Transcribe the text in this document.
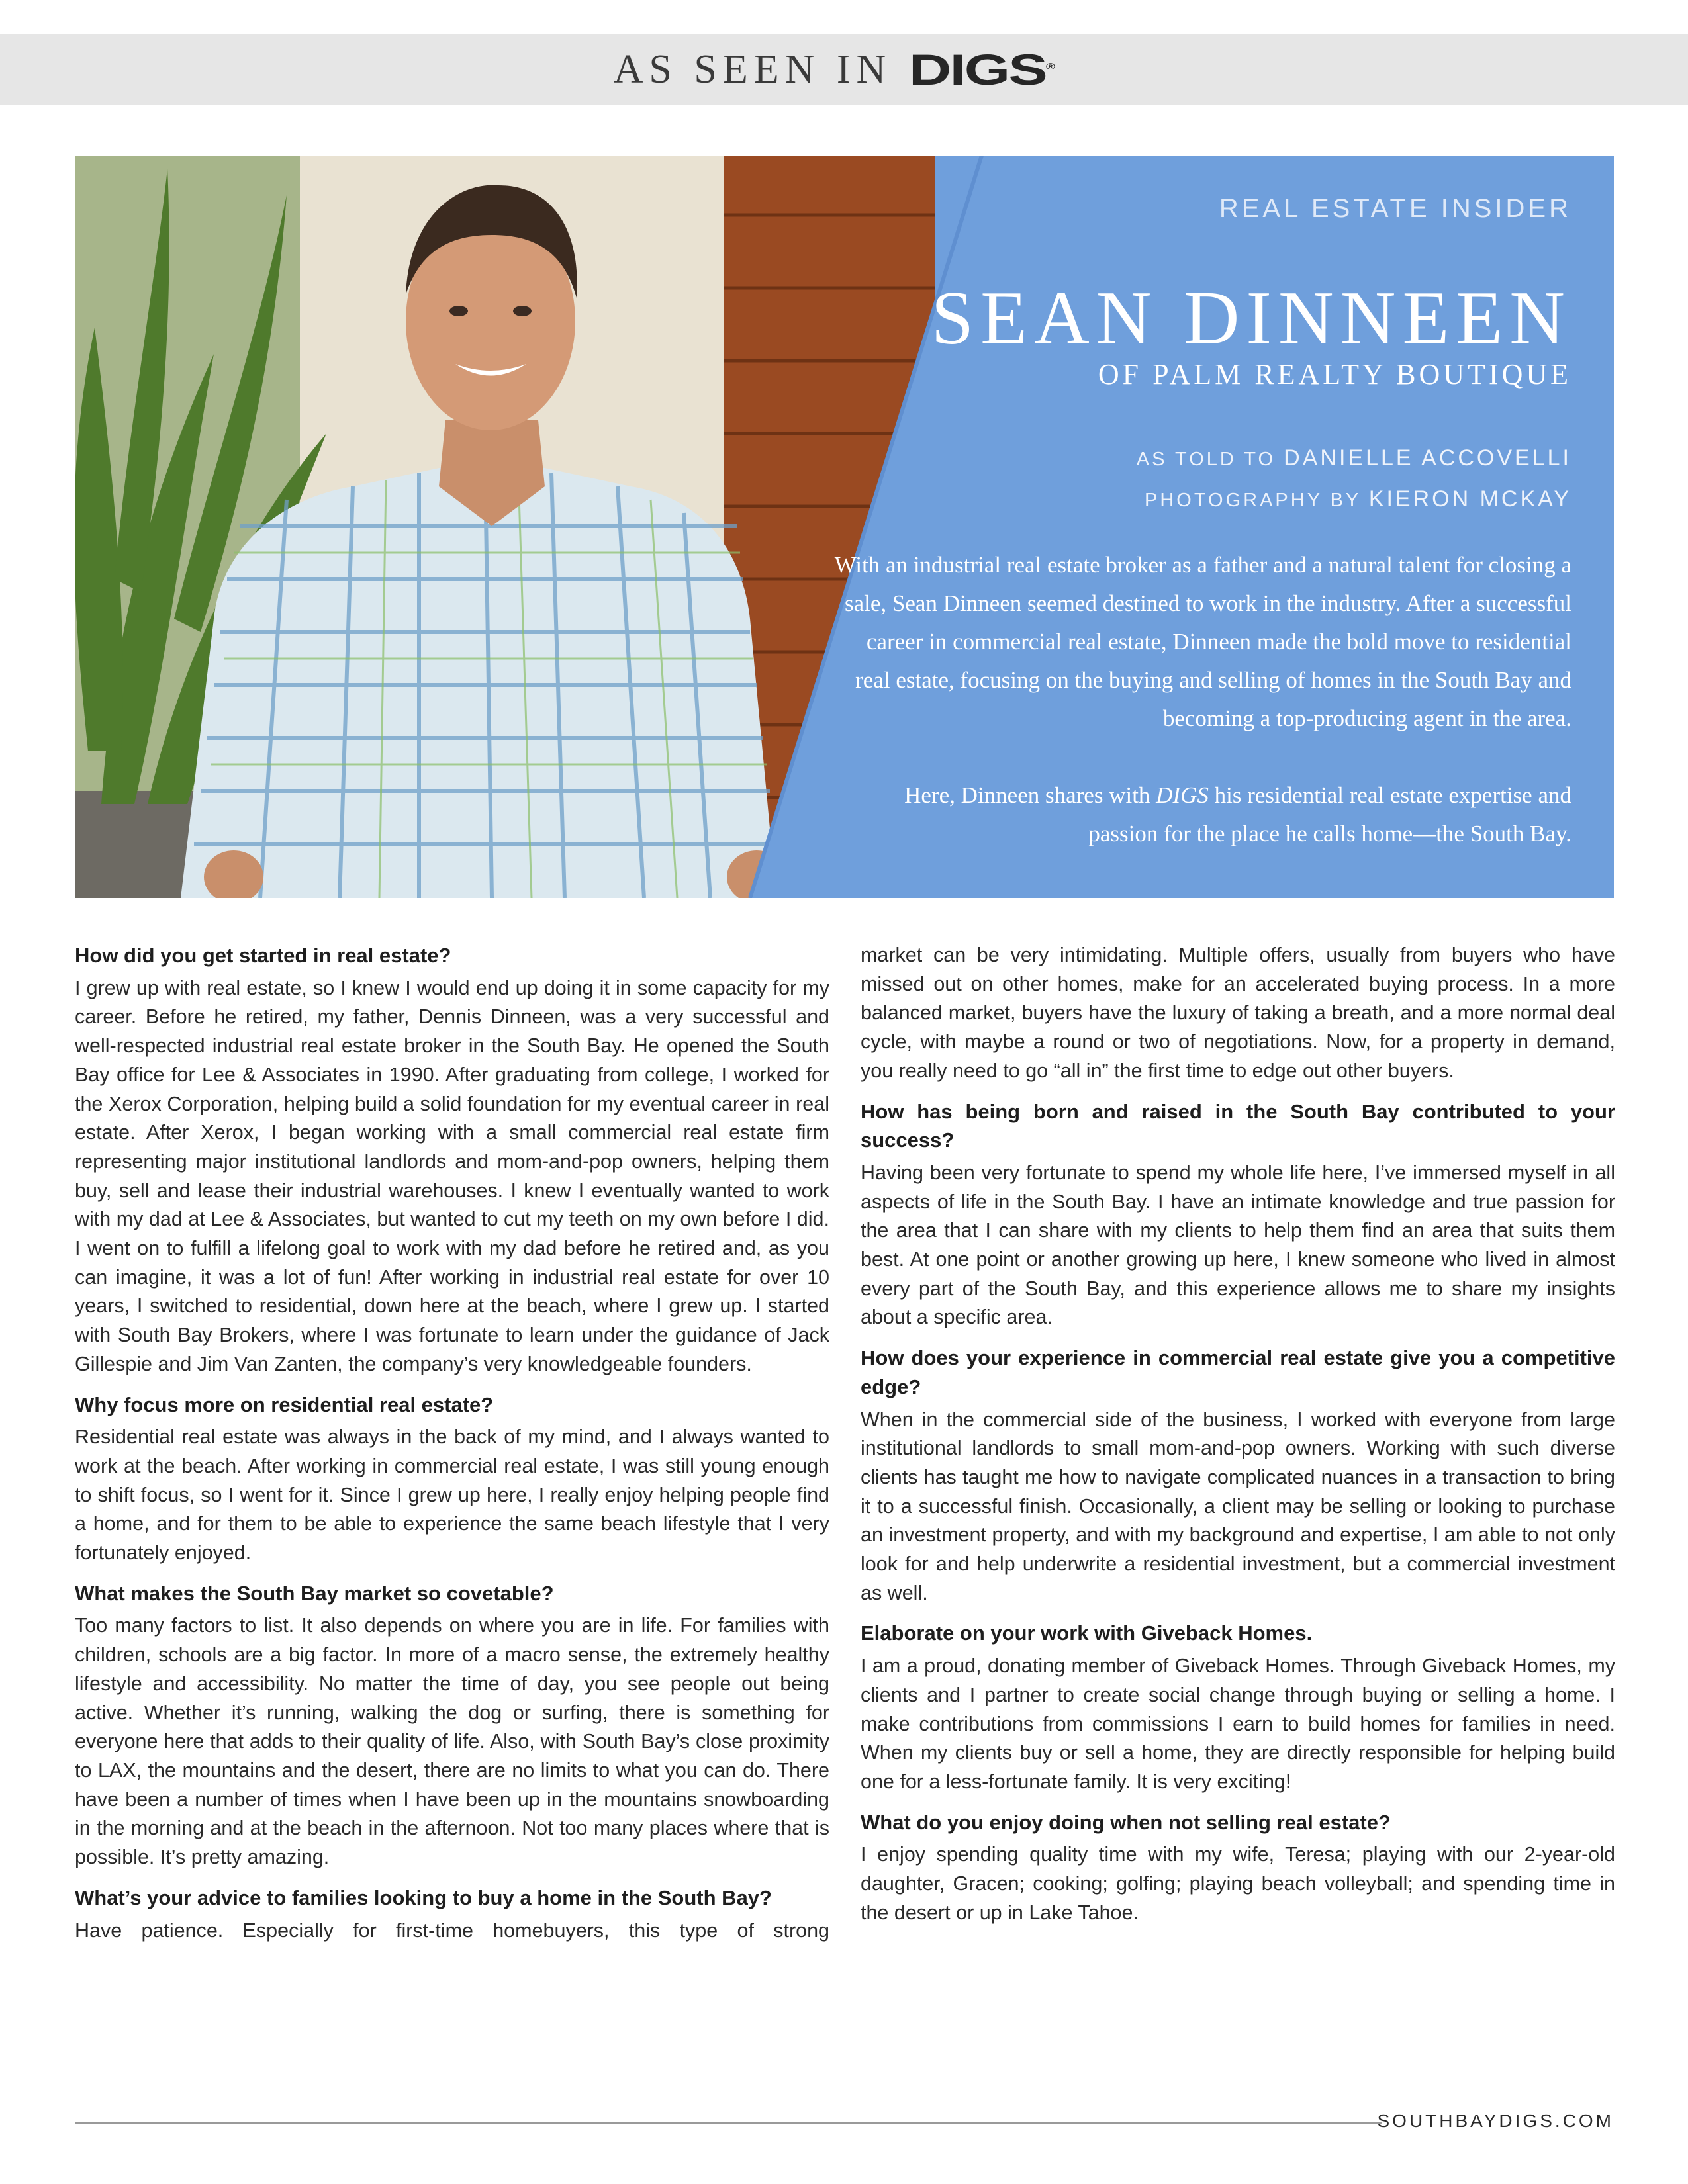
AS SEEN IN DIGS®
REAL ESTATE INSIDER
SEAN DINNEEN
OF PALM REALTY BOUTIQUE
AS TOLD TO DANIELLE ACCOVELLI
PHOTOGRAPHY BY KIERON MCKAY

With an industrial real estate broker as a father and a natural talent for closing a sale, Sean Dinneen seemed destined to work in the industry. After a successful career in commercial real estate, Dinneen made the bold move to residential real estate, focusing on the buying and selling of homes in the South Bay and becoming a top-producing agent in the area.

Here, Dinneen shares with DIGS his residential real estate expertise and passion for the place he calls home—the South Bay.

How did you get started in real estate?

I grew up with real estate, so I knew I would end up doing it in some capacity for my career. Before he retired, my father, Dennis Dinneen, was a very successful and well-respected industrial real estate broker in the South Bay. He opened the South Bay office for Lee & Associates in 1990. After graduating from college, I worked for the Xerox Corporation, helping build a solid foundation for my eventual career in real estate. After Xerox, I began working with a small commercial real estate firm representing major institutional landlords and mom-and-pop owners, helping them buy, sell and lease their industrial warehouses. I knew I eventually wanted to work with my dad at Lee & Associates, but wanted to cut my teeth on my own before I did. I went on to fulfill a lifelong goal to work with my dad before he retired and, as you can imagine, it was a lot of fun! After working in industrial real estate for over 10 years, I switched to residential, down here at the beach, where I grew up. I started with South Bay Brokers, where I was fortunate to learn under the guidance of Jack Gillespie and Jim Van Zanten, the company’s very knowledgeable founders.

Why focus more on residential real estate?

Residential real estate was always in the back of my mind, and I always wanted to work at the beach. After working in commercial real estate, I was still young enough to shift focus, so I went for it. Since I grew up here, I really enjoy helping people find a home, and for them to be able to experience the same beach lifestyle that I very fortunately enjoyed.

What makes the South Bay market so covetable?

Too many factors to list. It also depends on where you are in life. For families with children, schools are a big factor. In more of a macro sense, the extremely healthy lifestyle and accessibility. No matter the time of day, you see people out being active. Whether it’s running, walking the dog or surfing, there is something for everyone here that adds to their quality of life. Also, with South Bay’s close proximity to LAX, the mountains and the desert, there are no limits to what you can do. There have been a number of times when I have been up in the mountains snowboarding in the morning and at the beach in the afternoon. Not too many places where that is possible. It’s pretty amazing.

What’s your advice to families looking to buy a home in the South Bay?

Have patience. Especially for first-time homebuyers, this type of strong

market can be very intimidating. Multiple offers, usually from buyers who have missed out on other homes, make for an accelerated buying process. In a more balanced market, buyers have the luxury of taking a breath, and a more normal deal cycle, with maybe a round or two of negotiations. Now, for a property in demand, you really need to go “all in” the first time to edge out other buyers.

How has being born and raised in the South Bay contributed to your success?

Having been very fortunate to spend my whole life here, I’ve immersed myself in all aspects of life in the South Bay. I have an intimate knowledge and true passion for the area that I can share with my clients to help them find an area that suits them best. At one point or another growing up here, I knew someone who lived in almost every part of the South Bay, and this experience allows me to share my insights about a specific area.

How does your experience in commercial real estate give you a competitive edge?

When in the commercial side of the business, I worked with everyone from large institutional landlords to small mom-and-pop owners. Working with such diverse clients has taught me how to navigate complicated nuances in a transaction to bring it to a successful finish. Occasionally, a client may be selling or looking to purchase an investment property, and with my background and expertise, I am able to not only look for and help underwrite a residential investment, but a commercial investment as well.

Elaborate on your work with Giveback Homes.

I am a proud, donating member of Giveback Homes. Through Giveback Homes, my clients and I partner to create social change through buying or selling a home. I make contributions from commissions I earn to build homes for families in need. When my clients buy or sell a home, they are directly responsible for helping build one for a less-fortunate family. It is very exciting!

What do you enjoy doing when not selling real estate?

I enjoy spending quality time with my wife, Teresa; playing with our 2-year-old daughter, Gracen; cooking; golfing; playing beach volleyball; and spending time in the desert or up in Lake Tahoe.

SOUTHBAYDIGS.COM
